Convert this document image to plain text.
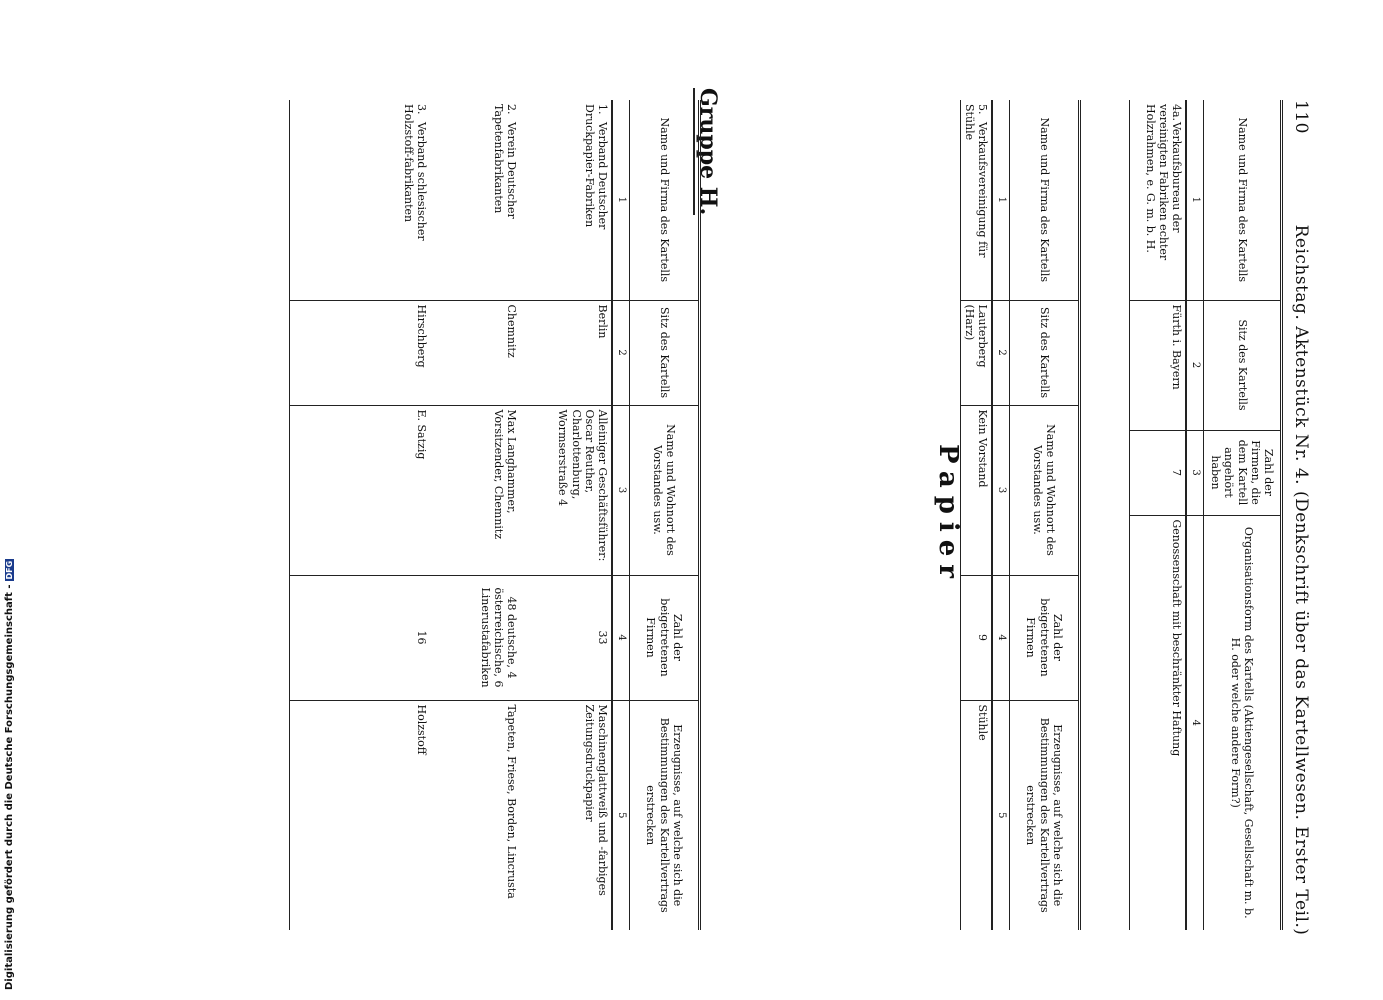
110
Reichstag. Aktenstück Nr. 4. (Denkschrift über das Kartellwesen. Erster Teil.)
Name und Firma des Kartells	Sitz des Kartells	Zahl der Firmen, die dem Kartell angehört haben	Organisationsform des Kartells (Aktiengesellschaft, Gesellschaft m. b. H. oder welche andere Form?)
1	2	3	4
4a.Verkaufsbureau der vereinigten Fabriken echter Holzrahmen, e. G. m. b. H.	Fürth i. Bayern	7	Genossenschaft mit beschränkter Haftung
Name und Firma des Kartells	Sitz des Kartells	Name und Wohnort des Vorstandes usw.	Zahl der beigetretenen Firmen	Erzeugnisse, auf welche sich die Bestimmungen des Kartellvertrags erstrecken
1	2	3	4	5
5.Verkaufsvereinigung für Stühle	Lauterberg (Harz)	Kein Vorstand	9	Stühle
Papier
Gruppe H.
Name und Firma des Kartells	Sitz des Kartells	Name und Wohnort des Vorstandes usw.	Zahl der beigetretenen Firmen	Erzeugnisse, auf welche sich die Bestimmungen des Kartellvertrags erstrecken
1	2	3	4	5
1.Verband Deutscher Druckpapier-Fabriken	Berlin	Alleiniger Geschäftsführer: Oscar Reuther, Charlottenburg, Wormserstraße 4	33	Maschinenglattweiß und -farbiges Zeitungsdruckpapier
2.Verein Deutscher Tapetenfabrikanten	Chemnitz	Max Langhammer, Vorsitzender, Chemnitz	48 deutsche, 4 österreichische, 6 Linerustafabriken	Tapeten, Friese, Borden, Lincrusta
3.Verband schlesischer Holzstoff-fabrikanten	Hirschberg	E. Satzig	16	Holzstoff
Digitalisierung gefördert durch die Deutsche Forschungsgemeinschaft -DFG
